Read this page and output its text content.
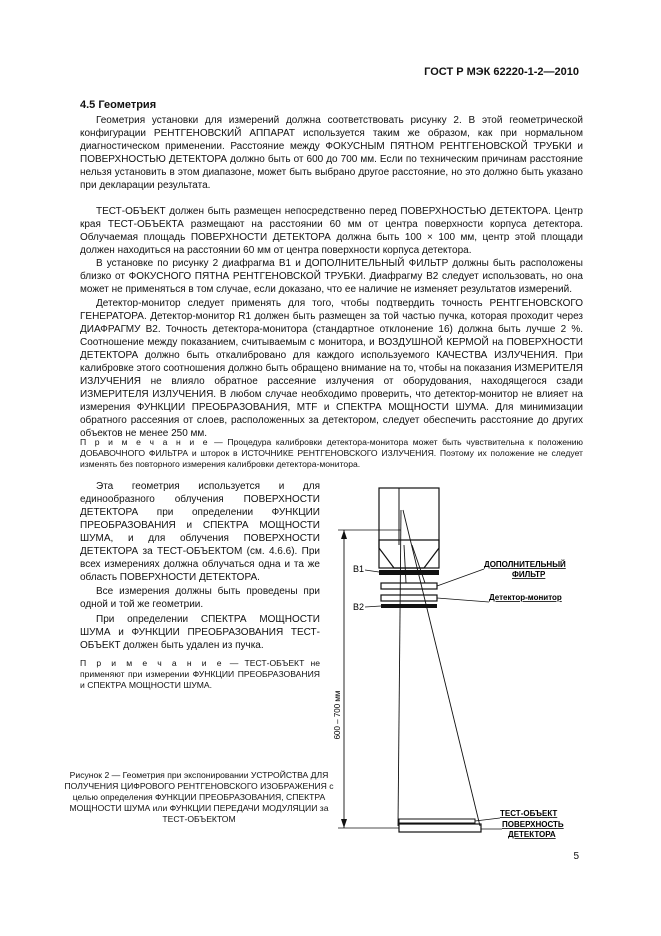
ГОСТ Р МЭК 62220-1-2—2010
4.5 Геометрия

Геометрия установки для измерений должна соответствовать рисунку 2. В этой геометрической конфигурации РЕНТГЕНОВСКИЙ АППАРАТ используется таким же образом, как при нормальном диагностическом применении. Расстояние между ФОКУСНЫМ ПЯТНОМ РЕНТГЕНОВСКОЙ ТРУБКИ и ПОВЕРХНОСТЬЮ ДЕТЕКТОРА должно быть от 600 до 700 мм. Если по техническим причинам расстояние нельзя установить в этом диапазоне, может быть выбрано другое расстояние, но это должно быть указано при декларации результата.

ТЕСТ-ОБЪЕКТ должен быть размещен непосредственно перед ПОВЕРХНОСТЬЮ ДЕТЕКТОРА. Центр края ТЕСТ-ОБЪЕКТА размещают на расстоянии 60 мм от центра поверхности корпуса детектора. Облучаемая площадь ПОВЕРХНОСТИ ДЕТЕКТОРА должна быть 100 × 100 мм, центр этой площади должен находиться на расстоянии 60 мм от центра поверхности корпуса детектора.

В установке по рисунку 2 диафрагма В1 и ДОПОЛНИТЕЛЬНЫЙ ФИЛЬТР должны быть расположены близко от ФОКУСНОГО ПЯТНА РЕНТГЕНОВСКОЙ ТРУБКИ. Диафрагму В2 следует использовать, но она может не применяться в том случае, если доказано, что ее наличие не изменяет результатов измерений.

Детектор-монитор следует применять для того, чтобы подтвердить точность РЕНТГЕНОВСКОГО ГЕНЕРАТОРА. Детектор-монитор R1 должен быть размещен за той частью пучка, которая проходит через ДИАФРАГМУ В2. Точность детектора-монитора (стандартное отклонение 16) должна быть лучше 2 %. Соотношение между показанием, считываемым с монитора, и ВОЗДУШНОЙ КЕРМОЙ на ПОВЕРХНОСТИ ДЕТЕКТОРА должно быть откалибровано для каждого используемого КАЧЕСТВА ИЗЛУЧЕНИЯ. При калибровке этого соотношения должно быть обращено внимание на то, чтобы на показания ИЗМЕРИТЕЛЯ ИЗЛУЧЕНИЯ не влияло обратное рассеяние излучения от оборудования, находящегося сзади ИЗМЕРИТЕЛЯ ИЗЛУЧЕНИЯ. В любом случае необходимо проверить, что детектор-монитор не влияет на измерения ФУНКЦИИ ПРЕОБРАЗОВАНИЯ, MTF и СПЕКТРА МОЩНОСТИ ШУМА. Для минимизации обратного рассеяния от слоев, расположенных за детектором, следует обеспечить расстояние до других объектов не менее 250 мм.

П р и м е ч а н и е — Процедура калибровки детектора-монитора может быть чувствительна к положению ДОБАВОЧНОГО ФИЛЬТРА и шторок в ИСТОЧНИКЕ РЕНТГЕНОВСКОГО ИЗЛУЧЕНИЯ. Поэтому их положение не следует изменять без повторного измерения калибровки детектора-монитора.

Эта геометрия используется и для единообразного облучения ПОВЕРХНОСТИ ДЕТЕКТОРА при определении ФУНКЦИИ ПРЕОБРАЗОВАНИЯ и СПЕКТРА МОЩНОСТИ ШУМА, и для облучения ПОВЕРХНОСТИ ДЕТЕКТОРА за ТЕСТ-ОБЪЕКТОМ (см. 4.6.6). При всех измерениях должна облучаться одна и та же область ПОВЕРХНОСТИ ДЕТЕКТОРА.

Все измерения должны быть проведены при одной и той же геометрии.

При определении СПЕКТРА МОЩНОСТИ ШУМА и ФУНКЦИИ ПРЕОБРАЗОВАНИЯ ТЕСТ-ОБЪЕКТ должен быть удален из пучка.

П р и м е ч а н и е — ТЕСТ-ОБЪЕКТ не применяют при измерении ФУНКЦИИ ПРЕОБРАЗОВАНИЯ и СПЕКТРА МОЩНОСТИ ШУМА.

600 – 700 мм
B1
B2
ДОПОЛНИТЕЛЬНЫЙ
ФИЛЬТР
Детектор-монитор
ТЕСТ-ОБЪЕКТ
ПОВЕРХНОСТЬ
ДЕТЕКТОРА

Рисунок 2 — Геометрия при экспонировании УСТРОЙСТВА ДЛЯ ПОЛУЧЕНИЯ ЦИФРОВОГО РЕНТГЕНОВСКОГО ИЗОБРАЖЕНИЯ с целью определения ФУНКЦИИ ПРЕОБРАЗОВАНИЯ, СПЕКТРА МОЩНОСТИ ШУМА или ФУНКЦИИ ПЕРЕДАЧИ МОДУЛЯЦИИ за ТЕСТ-ОБЪЕКТОМ

5
